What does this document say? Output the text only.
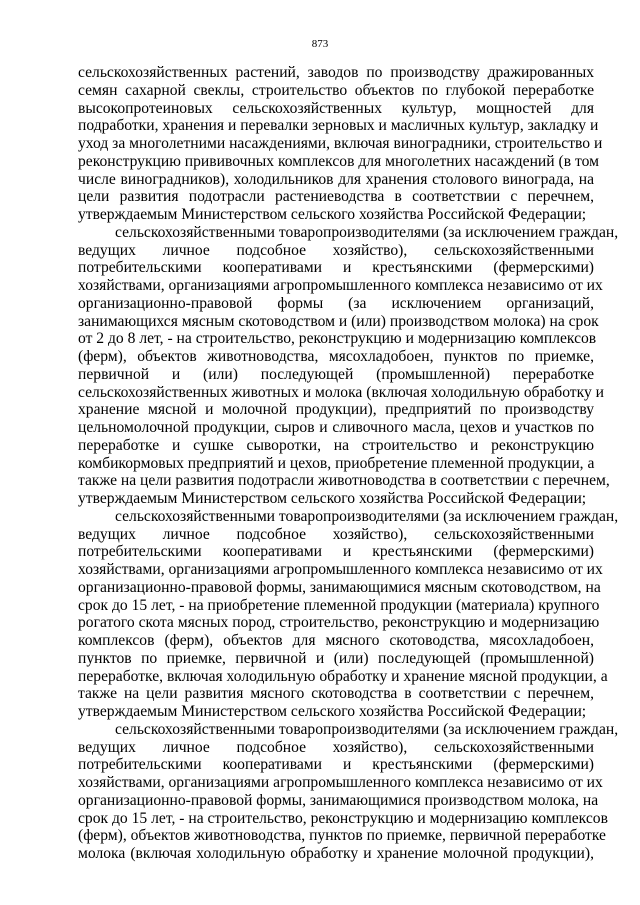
873
сельскохозяйственных растений, заводов по производству дражированных
семян сахарной свеклы, строительство объектов по глубокой переработке
высокопротеиновых сельскохозяйственных культур, мощностей для
подработки, хранения и перевалки зерновых и масличных культур, закладку и
уход за многолетними насаждениями, включая виноградники, строительство и
реконструкцию прививочных комплексов для многолетних насаждений (в том
числе виноградников), холодильников для хранения столового винограда, на
цели развития подотрасли растениеводства в соответствии с перечнем,
утверждаемым Министерством сельского хозяйства Российской Федерации;
сельскохозяйственными товаропроизводителями (за исключением граждан,
ведущих личное подсобное хозяйство), сельскохозяйственными
потребительскими кооперативами и крестьянскими (фермерскими)
хозяйствами, организациями агропромышленного комплекса независимо от их
организационно-правовой формы (за исключением организаций,
занимающихся мясным скотоводством и (или) производством молока) на срок
от 2 до 8 лет, - на строительство, реконструкцию и модернизацию комплексов
(ферм), объектов животноводства, мясохладобоен, пунктов по приемке,
первичной и (или) последующей (промышленной) переработке
сельскохозяйственных животных и молока (включая холодильную обработку и
хранение мясной и молочной продукции), предприятий по производству
цельномолочной продукции, сыров и сливочного масла, цехов и участков по
переработке и сушке сыворотки, на строительство и реконструкцию
комбикормовых предприятий и цехов, приобретение племенной продукции, а
также на цели развития подотрасли животноводства в соответствии с перечнем,
утверждаемым Министерством сельского хозяйства Российской Федерации;
сельскохозяйственными товаропроизводителями (за исключением граждан,
ведущих личное подсобное хозяйство), сельскохозяйственными
потребительскими кооперативами и крестьянскими (фермерскими)
хозяйствами, организациями агропромышленного комплекса независимо от их
организационно-правовой формы, занимающимися мясным скотоводством, на
срок до 15 лет, - на приобретение племенной продукции (материала) крупного
рогатого скота мясных пород, строительство, реконструкцию и модернизацию
комплексов (ферм), объектов для мясного скотоводства, мясохладобоен,
пунктов по приемке, первичной и (или) последующей (промышленной)
переработке, включая холодильную обработку и хранение мясной продукции, а
также на цели развития мясного скотоводства в соответствии с перечнем,
утверждаемым Министерством сельского хозяйства Российской Федерации;
сельскохозяйственными товаропроизводителями (за исключением граждан,
ведущих личное подсобное хозяйство), сельскохозяйственными
потребительскими кооперативами и крестьянскими (фермерскими)
хозяйствами, организациями агропромышленного комплекса независимо от их
организационно-правовой формы, занимающимися производством молока, на
срок до 15 лет, - на строительство, реконструкцию и модернизацию комплексов
(ферм), объектов животноводства, пунктов по приемке, первичной переработке
молока (включая холодильную обработку и хранение молочной продукции),
